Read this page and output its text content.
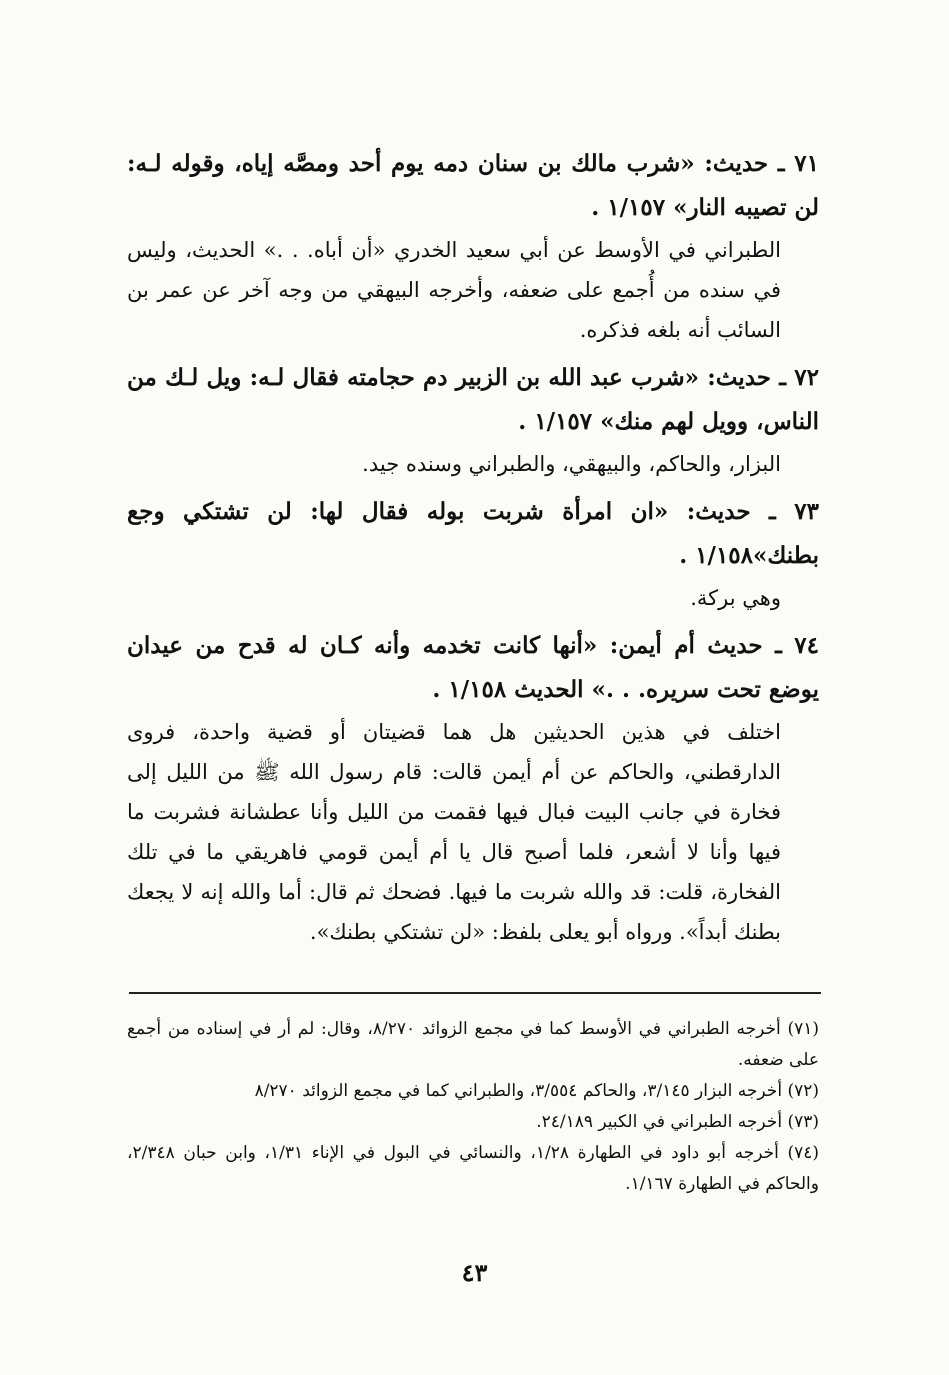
٧١ ـ حديث: «شرب مالك بن سنان دمه يوم أحد ومصَّه إياه، وقوله لـه: لن تصيبه النار» ١/١٥٧ .

الطبراني في الأوسط عن أبي سعيد الخدري «أن أباه. . .» الحديث، وليس في سنده من أُجمع على ضعفه، وأخرجه البيهقي من وجه آخر عن عمر بن السائب أنه بلغه فذكره.

٧٢ ـ حديث: «شرب عبد الله بن الزبير دم حجامته فقال لـه: ويل لـك من الناس، وويل لهم منك» ١/١٥٧ .

البزار، والحاكم، والبيهقي، والطبراني وسنده جيد.

٧٣ ـ حديث: «ان امرأة شربت بوله فقال لها: لن تشتكي وجع بطنك»١/١٥٨ .

وهي بركة.

٧٤ ـ حديث أم أيمن: «أنها كانت تخدمه وأنه كـان له قدح من عيدان يوضع تحت سريره. . .» الحديث ١/١٥٨ .

اختلف في هذين الحديثين هل هما قضيتان أو قضية واحدة، فروى الدارقطني، والحاكم عن أم أيمن قالت: قام رسول الله ﷺ من الليل إلى فخارة في جانب البيت فبال فيها فقمت من الليل وأنا عطشانة فشربت ما فيها وأنا لا أشعر، فلما أصبح قال يا أم أيمن قومي فاهريقي ما في تلك الفخارة، قلت: قد والله شربت ما فيها. فضحك ثم قال: أما والله إنه لا يجعك بطنك أبداً». ورواه أبو يعلى بلفظ: «لن تشتكي بطنك».

(٧١) أخرجه الطبراني في الأوسط كما في مجمع الزوائد ٨/٢٧٠، وقال: لم أر في إسناده من أجمع على ضعفه.

(٧٢) أخرجه البزار ٣/١٤٥، والحاكم ٣/٥٥٤، والطبراني كما في مجمع الزوائد ٨/٢٧٠

(٧٣) أخرجه الطبراني في الكبير ٢٤/١٨٩.

(٧٤) أخرجه أبو داود في الطهارة ١/٢٨، والنسائي في البول في الإناء ١/٣١، وابن حبان ٢/٣٤٨، والحاكم في الطهارة ١/١٦٧.

٤٣
